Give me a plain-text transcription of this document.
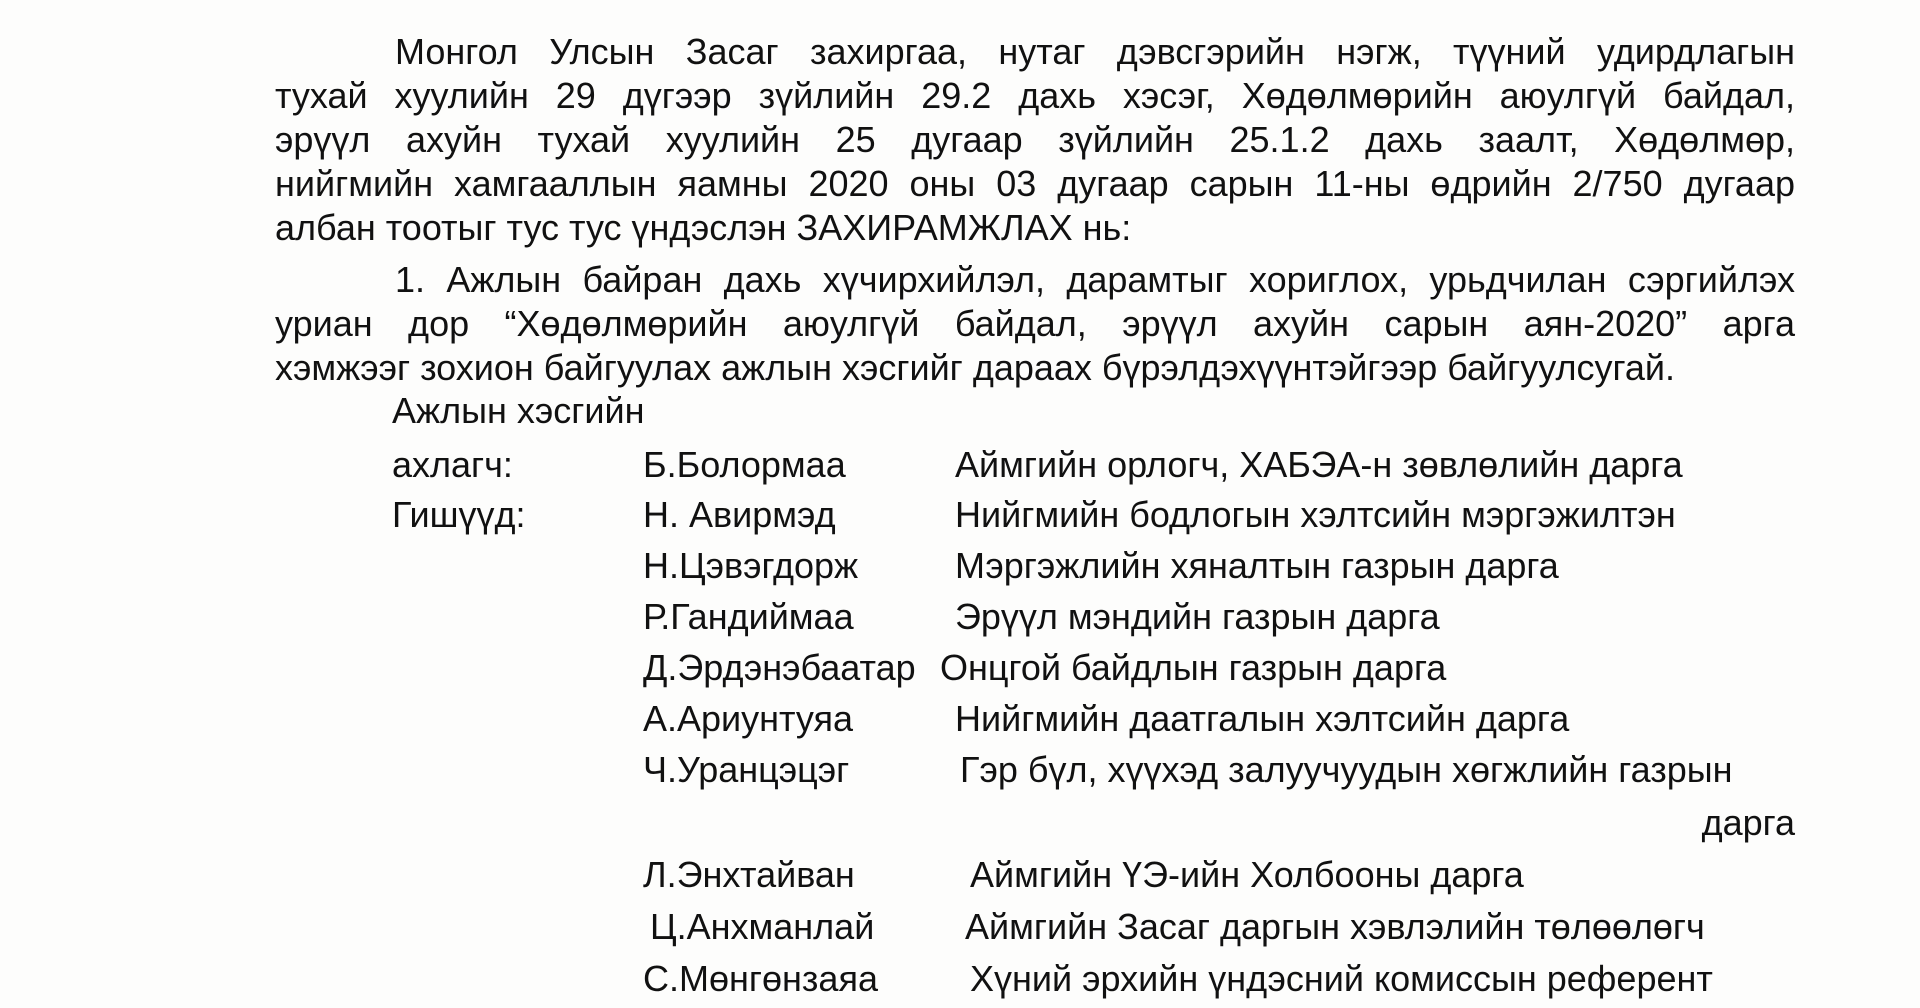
Монгол Улсын Засаг захиргаа, нутаг дэвсгэрийн нэгж, түүний удирдлагын
тухай хуулийн 29 дүгээр зүйлийн 29.2 дахь хэсэг, Хөдөлмөрийн аюулгүй байдал,
эрүүл ахуйн тухай хуулийн 25 дугаар зүйлийн 25.1.2 дахь заалт, Хөдөлмөр,
нийгмийн хамгааллын яамны 2020 оны 03 дугаар сарын 11-ны өдрийн 2/750 дугаар
албан тоотыг тус тус үндэслэн ЗАХИРАМЖЛАХ нь:
1. Ажлын байран дахь хүчирхийлэл, дарамтыг хориглох, урьдчилан сэргийлэх
уриан дор “Хөдөлмөрийн аюулгүй байдал, эрүүл ахуйн сарын аян-2020” арга
хэмжээг зохион байгуулах ажлын хэсгийг дараах бүрэлдэхүүнтэйгээр байгуулсугай.
Ажлын хэсгийн
ахлагч:	Б.Болормаа	Аймгийн орлогч, ХАБЭА-н зөвлөлийн дарга
Гишүүд:	Н. Авирмэд	Нийгмийн бодлогын хэлтсийн мэргэжилтэн
Н.Цэвэгдорж	Мэргэжлийн хяналтын газрын дарга
Р.Гандиймаа	Эрүүл мэндийн газрын дарга
Д.Эрдэнэбаатар Онцгой байдлын газрын дарга
А.Ариунтуяа	Нийгмийн даатгалын хэлтсийн дарга
Ч.Уранцэцэг	Гэр бүл, хүүхэд залуучуудын хөгжлийн газрын
дарга
Л.Энхтайван	Аймгийн ҮЭ-ийн Холбооны дарга
Ц.Анхманлай	Аймгийн Засаг даргын хэвлэлийн төлөөлөгч
С.Мөнгөнзаяа	Хүний эрхийн үндэсний комиссын референт
